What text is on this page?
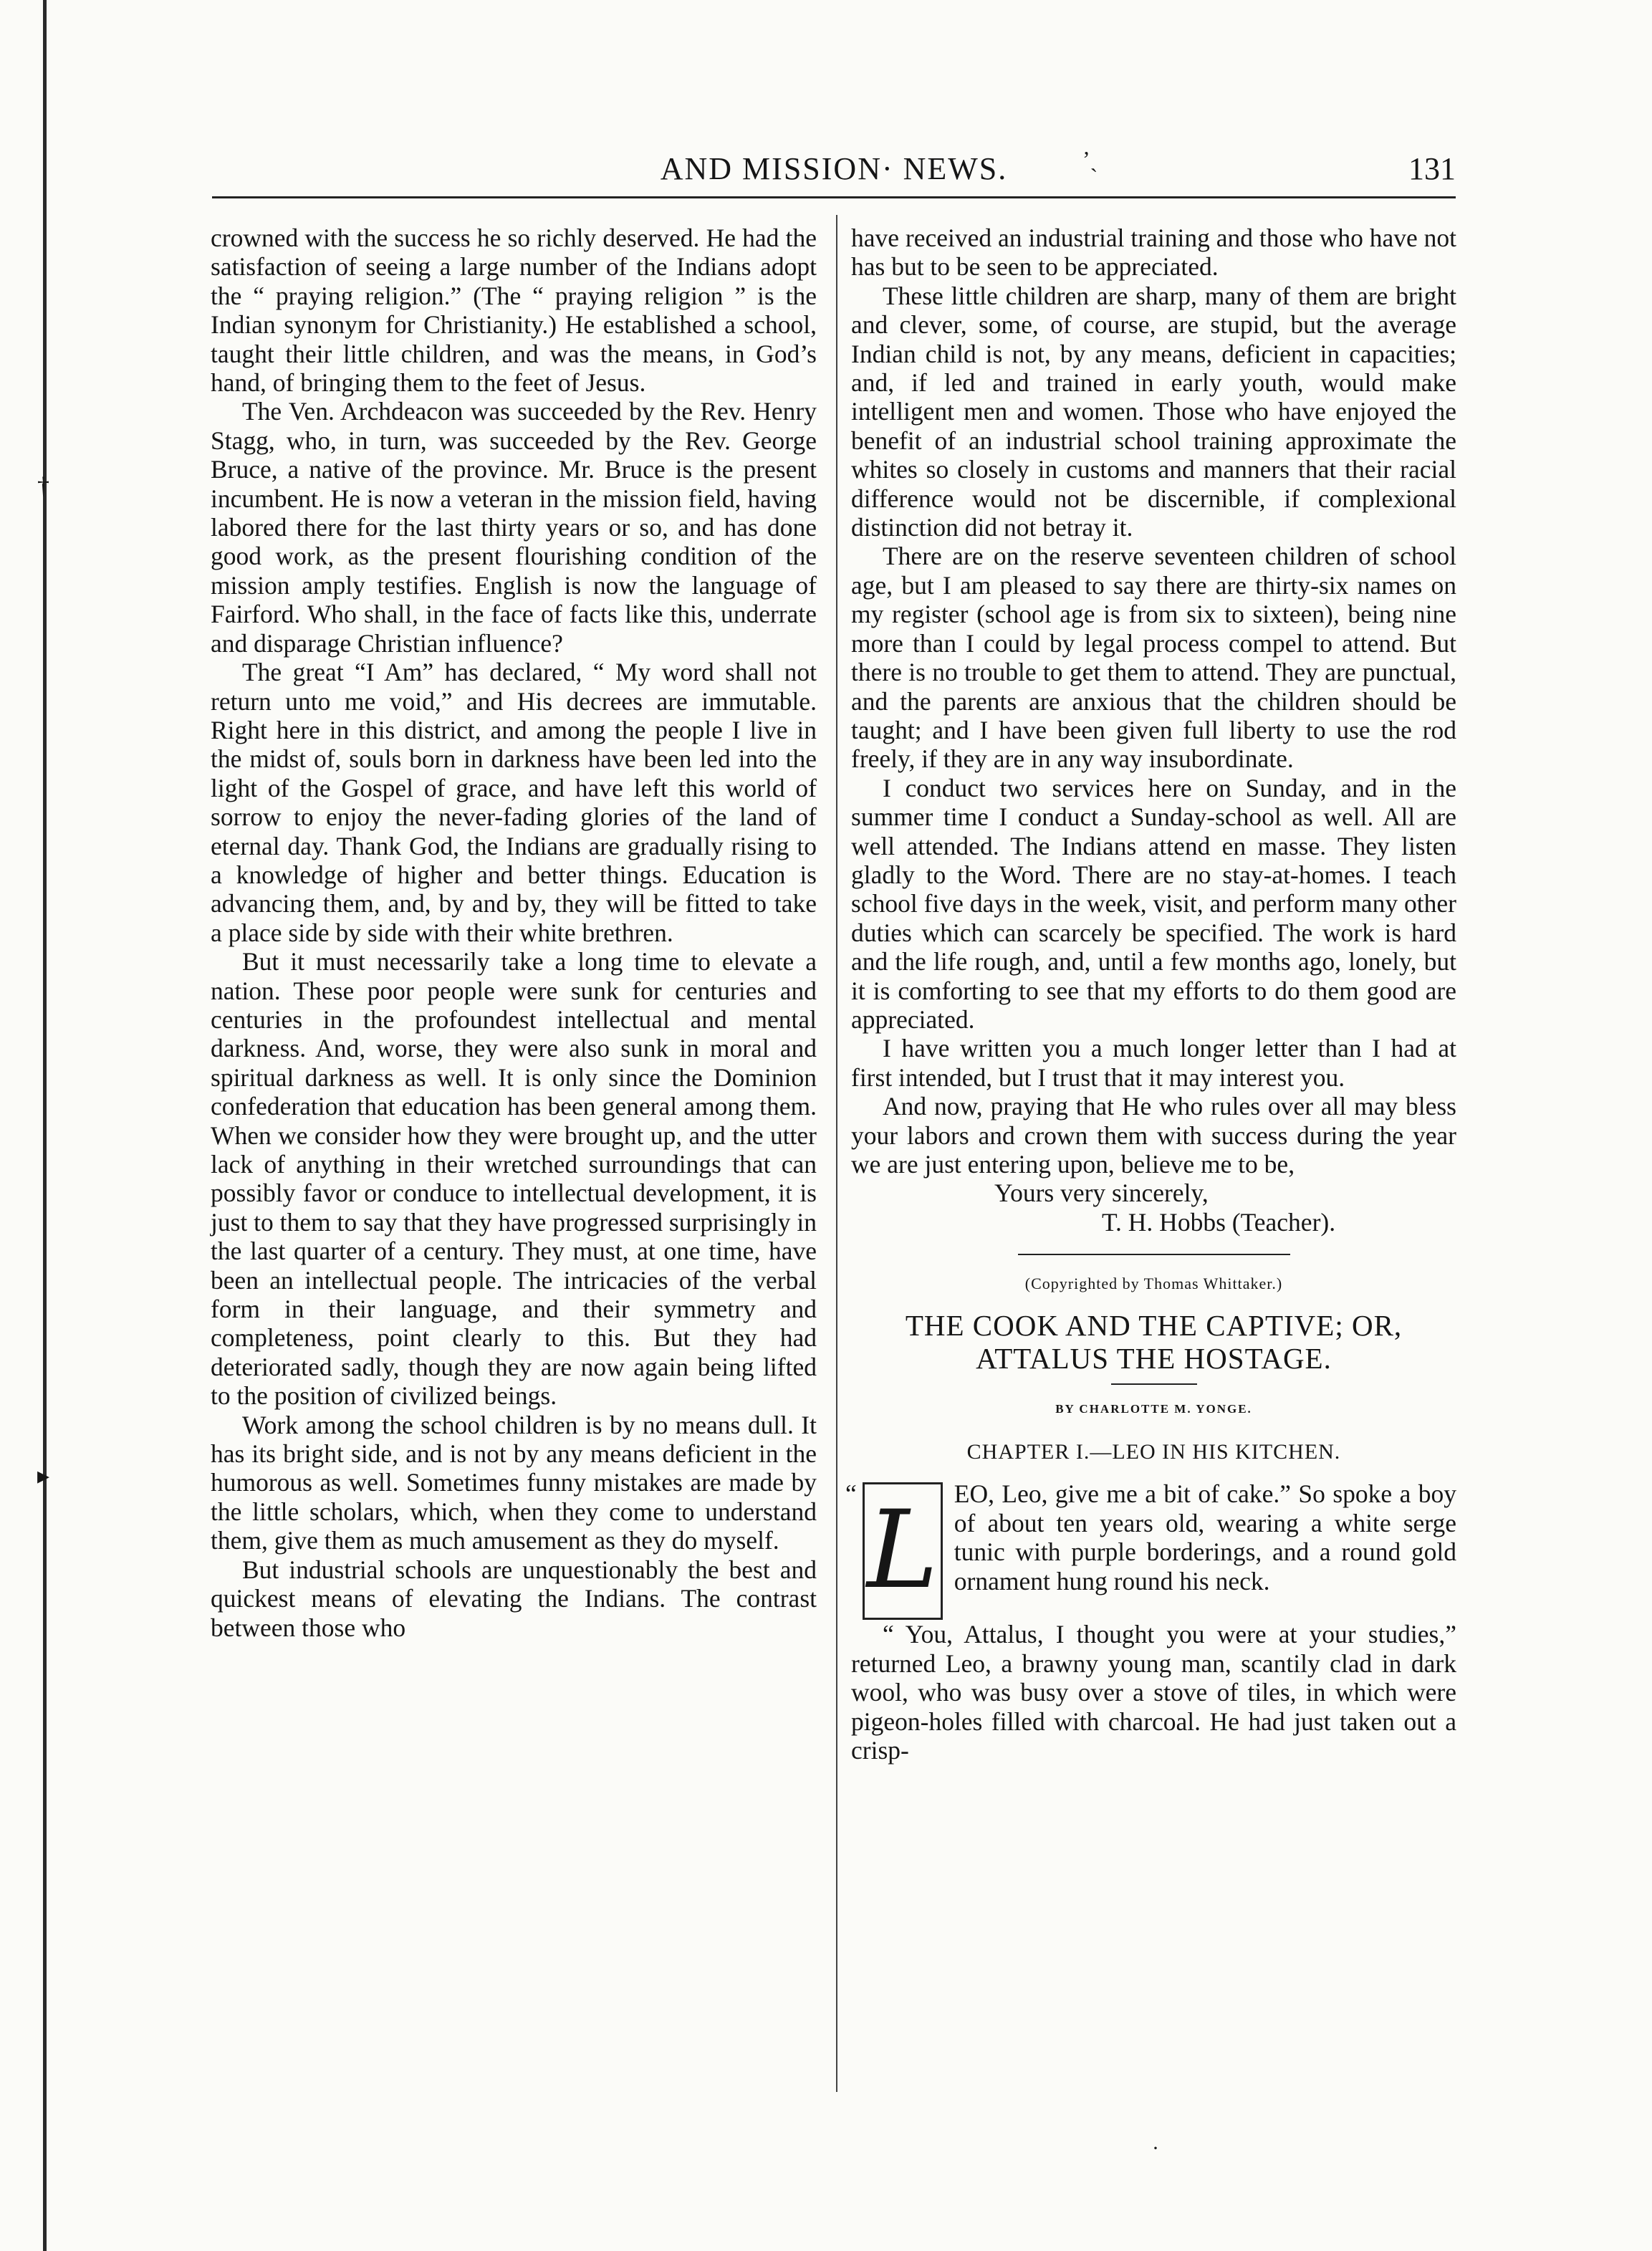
†
▸
AND MISSION· NEWS.	ʼˎ	131

crowned with the success he so richly deserved. He had the satisfaction of seeing a large number of the Indians adopt the “ praying religion.” (The “ praying religion ” is the Indian synonym for Christianity.) He established a school, taught their little children, and was the means, in God’s hand, of bringing them to the feet of Jesus.

The Ven. Archdeacon was succeeded by the Rev. Henry Stagg, who, in turn, was succeeded by the Rev. George Bruce, a native of the province. Mr. Bruce is the present incumbent. He is now a veteran in the mission field, having labored there for the last thirty years or so, and has done good work, as the present flourishing condition of the mission amply testifies. English is now the language of Fairford. Who shall, in the face of facts like this, underrate and disparage Christian influence?

The great “I Am” has declared, “ My word shall not return unto me void,” and His decrees are immutable. Right here in this district, and among the people I live in the midst of, souls born in darkness have been led into the light of the Gospel of grace, and have left this world of sorrow to enjoy the never-fading glories of the land of eternal day. Thank God, the Indians are gradually rising to a knowledge of higher and better things. Education is advancing them, and, by and by, they will be fitted to take a place side by side with their white brethren.

But it must necessarily take a long time to elevate a nation. These poor people were sunk for centuries and centuries in the profoundest intellectual and mental darkness. And, worse, they were also sunk in moral and spiritual darkness as well. It is only since the Dominion confederation that education has been general among them. When we consider how they were brought up, and the utter lack of anything in their wretched surroundings that can possibly favor or conduce to intellectual development, it is just to them to say that they have progressed surprisingly in the last quarter of a century. They must, at one time, have been an intellectual people. The intricacies of the verbal form in their language, and their symmetry and completeness, point clearly to this. But they had deteriorated sadly, though they are now again being lifted to the position of civilized beings.

Work among the school children is by no means dull. It has its bright side, and is not by any means deficient in the humorous as well. Sometimes funny mistakes are made by the little scholars, which, when they come to understand them, give them as much amusement as they do myself.

But industrial schools are unquestionably the best and quickest means of elevating the Indians. The contrast between those who

have received an industrial training and those who have not has but to be seen to be appreciated.

These little children are sharp, many of them are bright and clever, some, of course, are stupid, but the average Indian child is not, by any means, deficient in capacities; and, if led and trained in early youth, would make intelligent men and women. Those who have enjoyed the benefit of an industrial school training approximate the whites so closely in customs and manners that their racial difference would not be discernible, if complexional distinction did not betray it.

There are on the reserve seventeen children of school age, but I am pleased to say there are thirty-six names on my register (school age is from six to sixteen), being nine more than I could by legal process compel to attend. But there is no trouble to get them to attend. They are punctual, and the parents are anxious that the children should be taught; and I have been given full liberty to use the rod freely, if they are in any way insubordinate.

I conduct two services here on Sunday, and in the summer time I conduct a Sunday-school as well. All are well attended. The Indians attend en masse. They listen gladly to the Word. There are no stay-at-homes. I teach school five days in the week, visit, and perform many other duties which can scarcely be specified. The work is hard and the life rough, and, until a few months ago, lonely, but it is comforting to see that my efforts to do them good are appreciated.

I have written you a much longer letter than I had at first intended, but I trust that it may interest you.

And now, praying that He who rules over all may bless your labors and crown them with success during the year we are just entering upon, believe me to be,

Yours very sincerely,
T. H. Hobbs (Teacher).
(Copyrighted by Thomas Whittaker.)
THE COOK AND THE CAPTIVE; OR,
ATTALUS THE HOSTAGE.
BY CHARLOTTE M. YONGE.
CHAPTER I.—LEO IN HIS KITCHEN.
“ L EO, Leo, give me a bit of cake.” So spoke a boy of about ten years old, wearing a white serge tunic with purple borderings, and a round gold ornament hung round his neck.

“ You, Attalus, I thought you were at your studies,” returned Leo, a brawny young man, scantily clad in dark wool, who was busy over a stove of tiles, in which were pigeon-holes filled with charcoal. He had just taken out a crisp-

·
